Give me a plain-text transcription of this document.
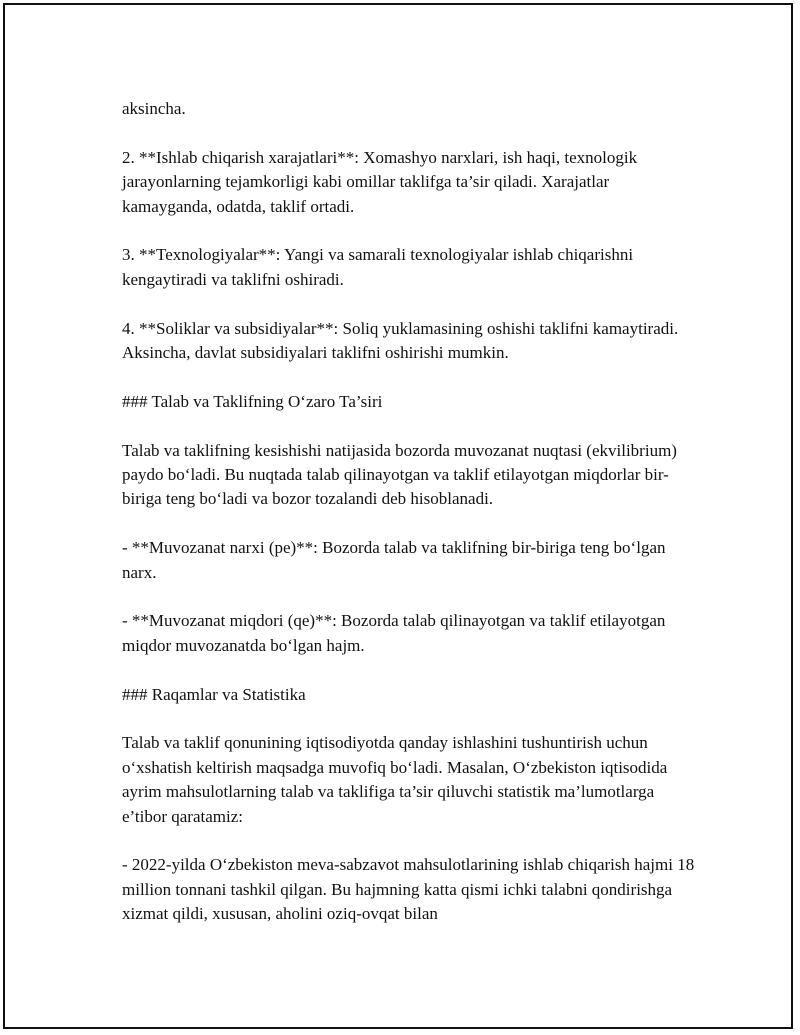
aksincha.

2. **Ishlab chiqarish xarajatlari**: Xomashyo narxlari, ish haqi, texnologik jarayonlarning tejamkorligi kabi omillar taklifga ta’sir qiladi. Xarajatlar kamayganda, odatda, taklif ortadi.

3. **Texnologiyalar**: Yangi va samarali texnologiyalar ishlab chiqarishni kengaytiradi va taklifni oshiradi.

4. **Soliklar va subsidiyalar**: Soliq yuklamasining oshishi taklifni kamaytiradi. Aksincha, davlat subsidiyalari taklifni oshirishi mumkin.

### Talab va Taklifning O‘zaro Ta’siri

Talab va taklifning kesishishi natijasida bozorda muvozanat nuqtasi (ekvilibrium) paydo bo‘ladi. Bu nuqtada talab qilinayotgan va taklif etilayotgan miqdorlar bir-biriga teng bo‘ladi va bozor tozalandi deb hisoblanadi.

- **Muvozanat narxi (pe)**: Bozorda talab va taklifning bir-biriga teng bo‘lgan narx.

- **Muvozanat miqdori (qe)**: Bozorda talab qilinayotgan va taklif etilayotgan miqdor muvozanatda bo‘lgan hajm.

### Raqamlar va Statistika

Talab va taklif qonunining iqtisodiyotda qanday ishlashini tushuntirish uchun o‘xshatish keltirish maqsadga muvofiq bo‘ladi. Masalan, O‘zbekiston iqtisodida ayrim mahsulotlarning talab va taklifiga ta’sir qiluvchi statistik ma’lumotlarga e’tibor qaratamiz:

- 2022-yilda O‘zbekiston meva-sabzavot mahsulotlarining ishlab chiqarish hajmi 18 million tonnani tashkil qilgan. Bu hajmning katta qismi ichki talabni qondirishga xizmat qildi, xususan, aholini oziq-ovqat bilan
